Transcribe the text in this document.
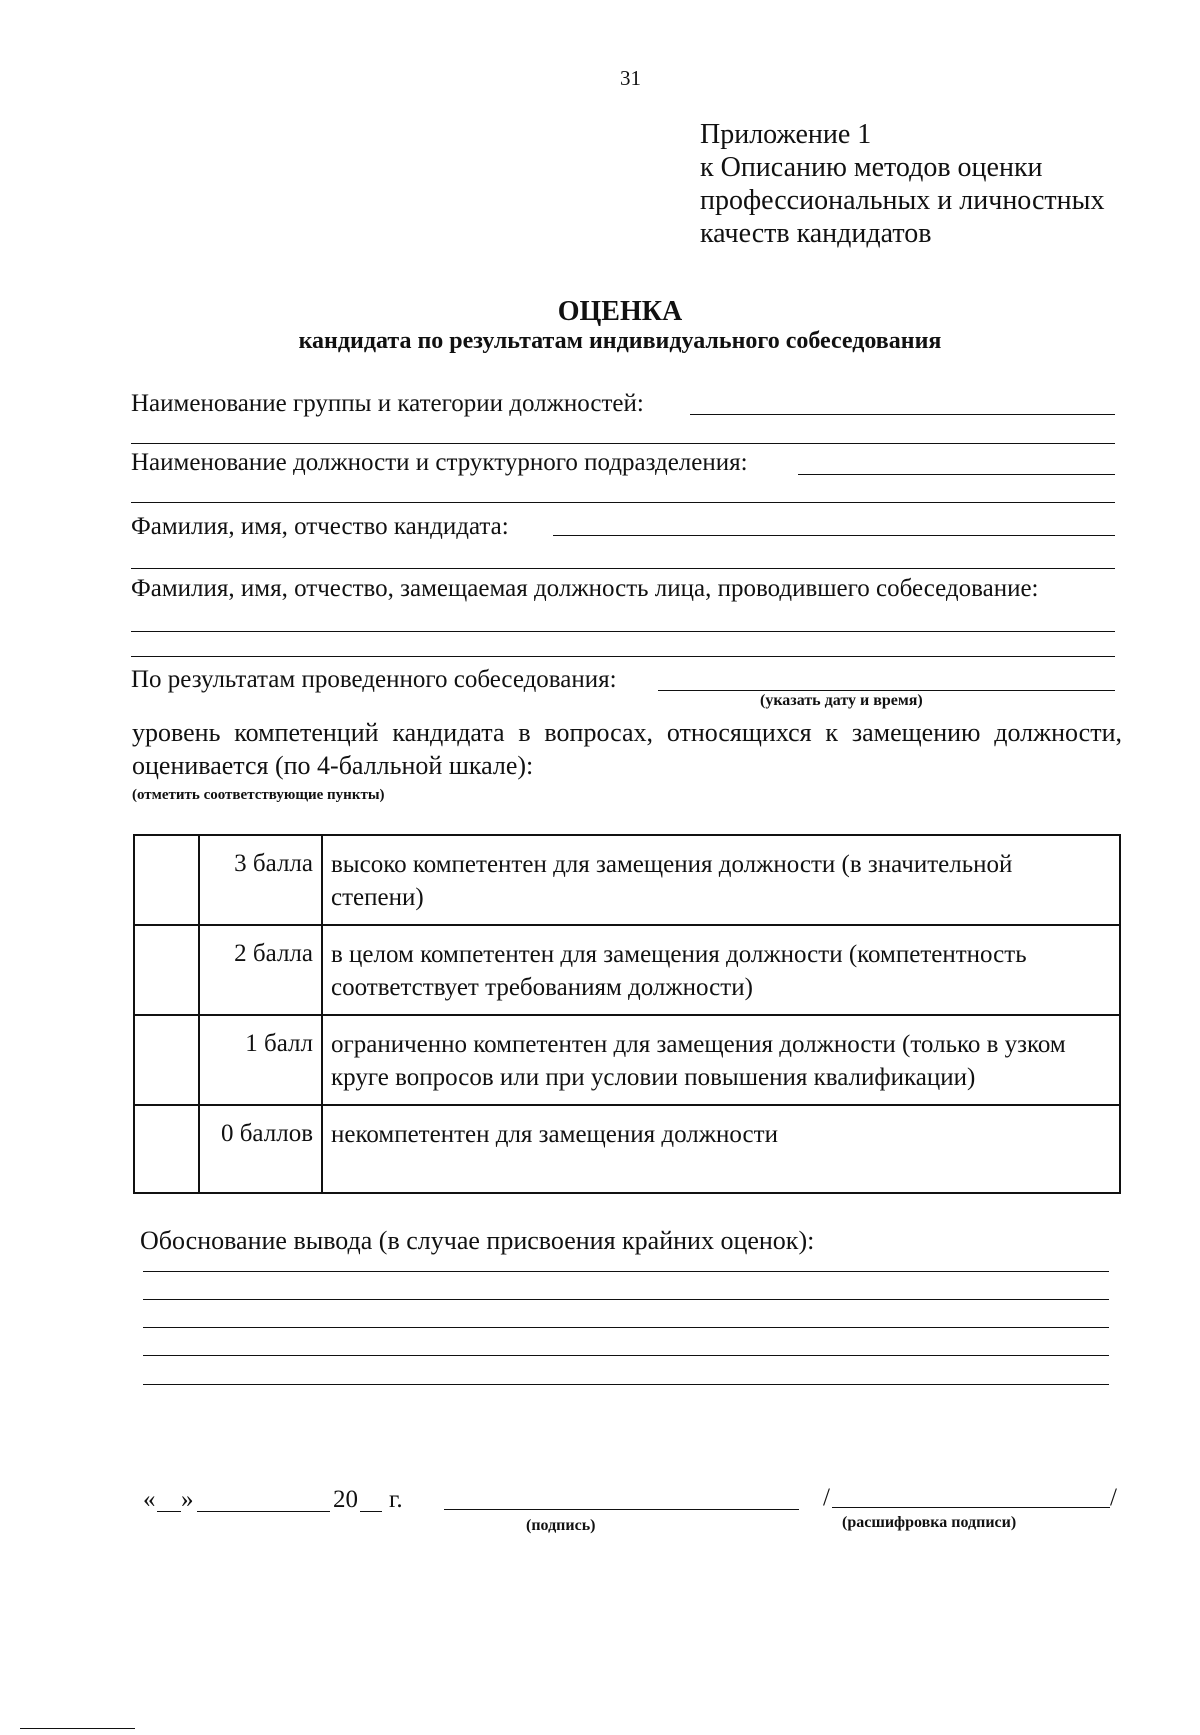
31
Приложение 1
к Описанию методов оценки
профессиональных и личностных
качеств кандидатов
ОЦЕНКА
кандидата по результатам индивидуального собеседования
Наименование группы и категории должностей:
Наименование должности и структурного подразделения:
Фамилия, имя, отчество кандидата:
Фамилия, имя, отчество, замещаемая должность лица, проводившего собеседование:
По результатам проведенного собеседования:
(указать дату и время)
уровень компетенций кандидата в вопросах, относящихся к замещению должности, оценивается (по 4-балльной шкале):
(отметить соответствующие пункты)
	3 балла	высоко компетентен для замещения должности (в значительной степени)
	2 балла	в целом компетентен для замещения должности (компетентность соответствует требованиям должности)
	1 балл	ограниченно компетентен для замещения должности (только в узком круге вопросов или при условии повышения квалификации)
	0 баллов	некомпетентен для замещения должности
Обоснование вывода (в случае присвоения крайних оценок):
« »	20 г.
(подпись)
/	/
(расшифровка подписи)
